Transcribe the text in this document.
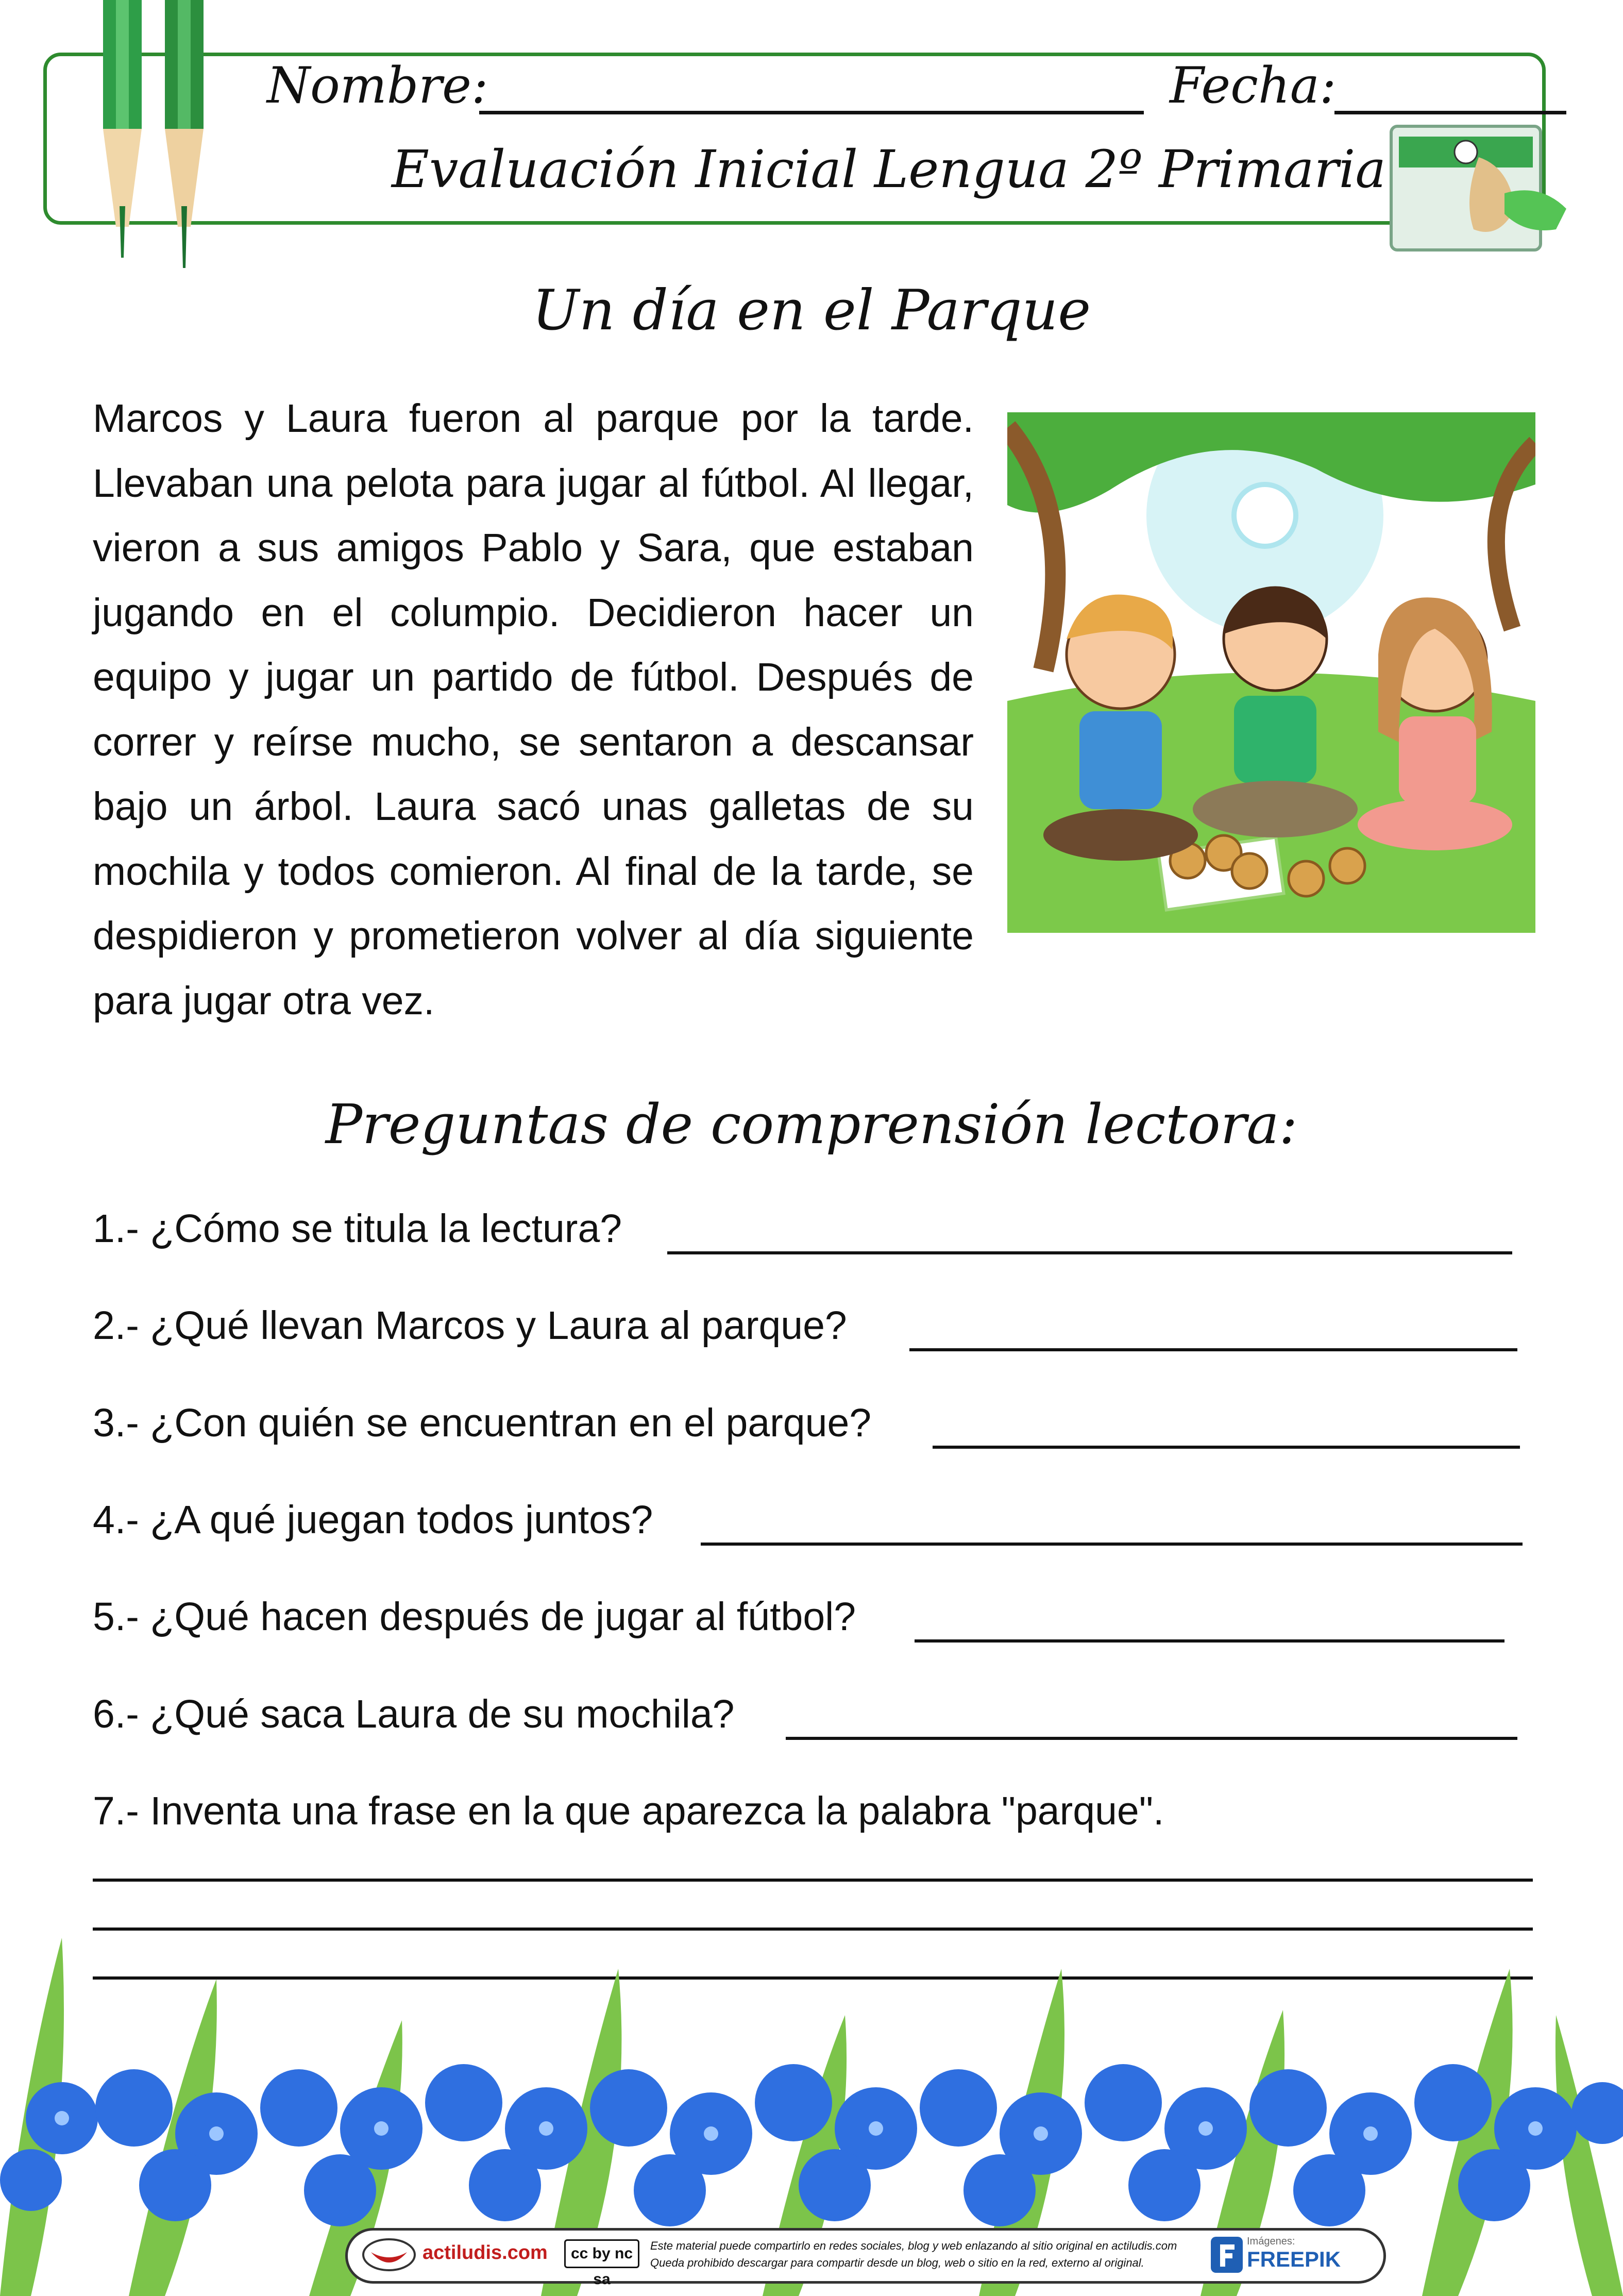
Nombre:	Fecha:
Evaluación Inicial Lengua 2º Primaria
Un día en el Parque
Marcos y Laura fueron al parque por la tarde. Llevaban una pelota para jugar al fútbol. Al llegar, vieron a sus amigos Pablo y Sara, que estaban jugando en el columpio. Decidieron hacer un equipo y jugar un partido de fútbol. Después de correr y reírse mucho, se sentaron a descansar bajo un árbol. Laura sacó unas galletas de su mochila y todos comieron. Al final de la tarde, se despidieron y prometieron volver al día siguiente para jugar otra vez.
Preguntas de comprensión lectora:
1.- ¿Cómo se titula la lectura?
2.- ¿Qué llevan Marcos y Laura al parque?
3.- ¿Con quién se encuentran en el parque?
4.- ¿A qué juegan todos juntos?
5.- ¿Qué hacen después de jugar al fútbol?
6.- ¿Qué saca Laura de su mochila?
7.- Inventa una frase en la que aparezca la palabra "parque".
actiludis.com	cc by nc sa
Este material puede compartirlo en redes sociales, blog y web enlazando al sitio original en actiludis.com
Queda prohibido descargar para compartir desde un blog, web o sitio en la red, externo al original.
Imágenes:
FREEPIK
